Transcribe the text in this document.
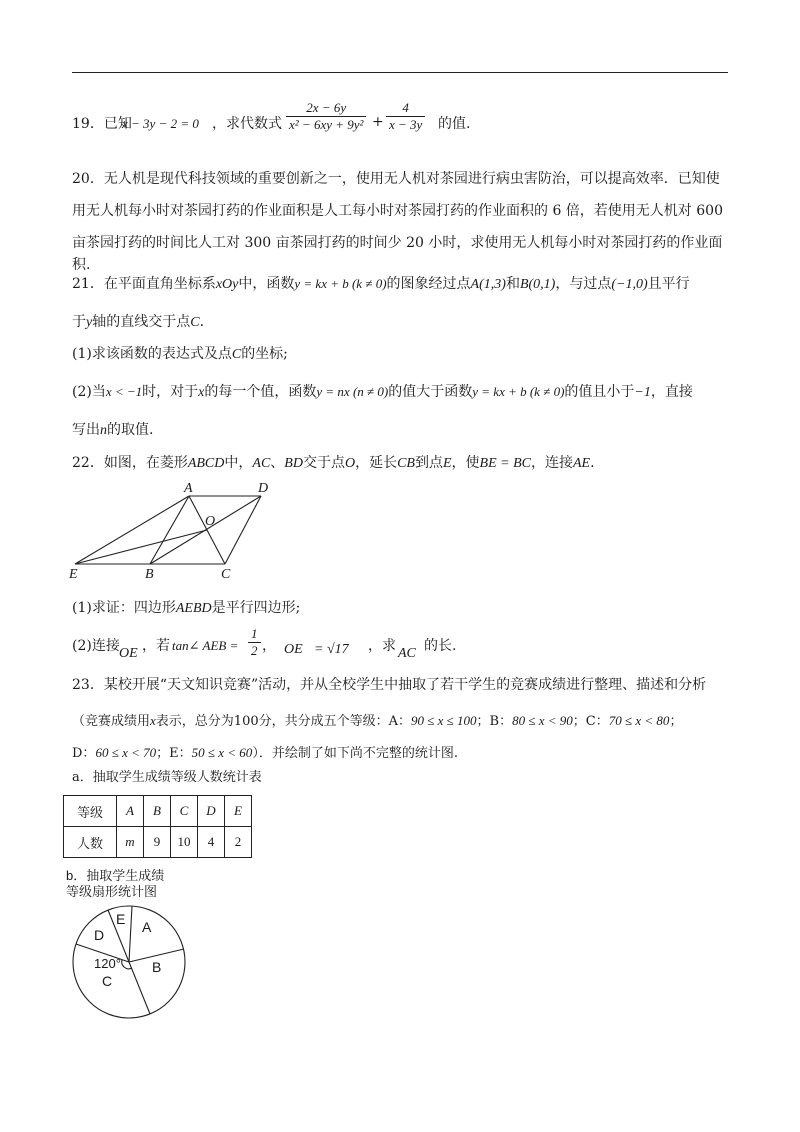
19．已知
x − 3y − 2 = 0 ，求代数式 $\frac{2x - 6y}{\text{x² − 6xy + 9y²}} + \frac{4}{x - 3y}$ 的值.
20．无人机是现代科技领域的重要创新之一，使用无人机对茶园进行病虫害防治，可以提高效率．已知使
用无人机每小时对茶园打药的作业面积是人工每小时对茶园打药的作业面积的 6 倍，若使用无人机对 600
亩茶园打药的时间比人工对 300 亩茶园打药的时间少 20 小时，求使用无人机每小时对茶园打药的作业面积.
21．在平面直角坐标系xOy中，函数y = kx + b (k ≠ 0)的图象经过点A(1,3)和B(0,1)，与过点(−1,0)且平行
于y轴的直线交于点C.
(1)求该函数的表达式及点C的坐标;
(2)当x < −1时，对于x的每一个值，函数y = nx (n ≠ 0)的值大于函数y = kx + b (k ≠ 0)的值且小于−1，直接
写出n的取值.
22．如图，在菱形ABCD中，AC、BD交于点O，延长CB到点E，使BE = BC，连接AE.
A	D
O
E	B	C
(1)求证：四边形AEBD是平行四边形;
(2)连接 OE ，若 tan∠ AEB = $\frac{1}{2}$ ， OE = √17 ，求 AC 的长.
23．某校开展“天文知识竞赛”活动，并从全校学生中抽取了若干学生的竞赛成绩进行整理、描述和分析
（竞赛成绩用x表示，总分为100分，共分成五个等级：A：90 ≤ x ≤ 100；B：80 ≤ x < 90；C：70 ≤ x < 80；
D：60 ≤ x < 70；E：50 ≤ x < 60）．并绘制了如下尚不完整的统计图.
a．抽取学生成绩等级人数统计表
等级	A	B	C	D	E
人数	m	9	10	4	2
b．抽取学生成绩
等级扇形统计图
A
B
C
D
E
120°
